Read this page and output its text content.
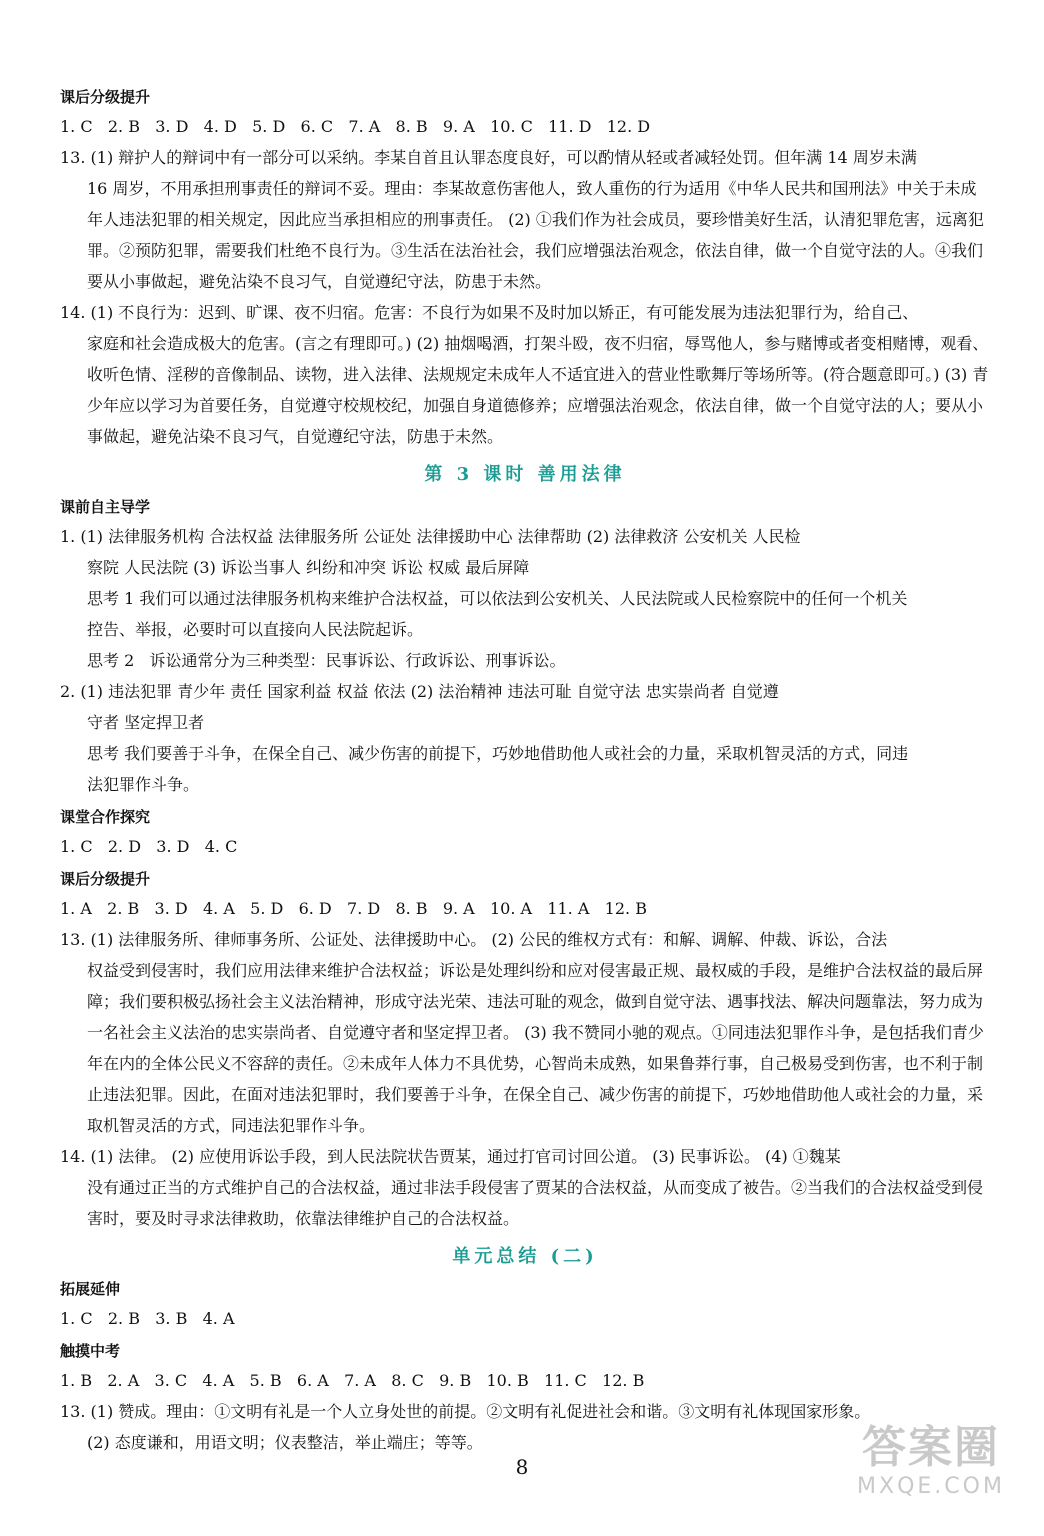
课后分级提升
1. C   2. B   3. D   4. D   5. D   6. C   7. A   8. B   9. A   10. C   11. D   12. D
13. (1) 辩护人的辩词中有一部分可以采纳。李某自首且认罪态度良好，可以酌情从轻或者减轻处罚。但年满 14 周岁未满
16 周岁，不用承担刑事责任的辩词不妥。理由：李某故意伤害他人，致人重伤的行为适用《中华人民共和国刑法》中关于未成年人违法犯罪的相关规定，因此应当承担相应的刑事责任。 (2) ①我们作为社会成员，要珍惜美好生活，认清犯罪危害，远离犯罪。②预防犯罪，需要我们杜绝不良行为。③生活在法治社会，我们应增强法治观念，依法自律，做一个自觉守法的人。④我们要从小事做起，避免沾染不良习气，自觉遵纪守法，防患于未然。
14. (1) 不良行为：迟到、旷课、夜不归宿。危害：不良行为如果不及时加以矫正，有可能发展为违法犯罪行为，给自己、
家庭和社会造成极大的危害。(言之有理即可。) (2) 抽烟喝酒，打架斗殴，夜不归宿，辱骂他人，参与赌博或者变相赌博，观看、收听色情、淫秽的音像制品、读物，进入法律、法规规定未成年人不适宜进入的营业性歌舞厅等场所等。(符合题意即可。) (3) 青少年应以学习为首要任务，自觉遵守校规校纪，加强自身道德修养；应增强法治观念，依法自律，做一个自觉守法的人；要从小事做起，避免沾染不良习气，自觉遵纪守法，防患于未然。
第 3 课时 善用法律
课前自主导学
1. (1) 法律服务机构 合法权益 法律服务所 公证处 法律援助中心 法律帮助 (2) 法律救济 公安机关 人民检
察院 人民法院 (3) 诉讼当事人 纠纷和冲突 诉讼 权威 最后屏障
思考 1 我们可以通过法律服务机构来维护合法权益，可以依法到公安机关、人民法院或人民检察院中的任何一个机关
控告、举报，必要时可以直接向人民法院起诉。
思考 2   诉讼通常分为三种类型：民事诉讼、行政诉讼、刑事诉讼。
2. (1) 违法犯罪 青少年 责任 国家利益 权益 依法 (2) 法治精神 违法可耻 自觉守法 忠实崇尚者 自觉遵
守者 坚定捍卫者
思考 我们要善于斗争，在保全自己、减少伤害的前提下，巧妙地借助他人或社会的力量，采取机智灵活的方式，同违
法犯罪作斗争。
课堂合作探究
1. C   2. D   3. D   4. C
课后分级提升
1. A   2. B   3. D   4. A   5. D   6. D   7. D   8. B   9. A   10. A   11. A   12. B
13. (1) 法律服务所、律师事务所、公证处、法律援助中心。 (2) 公民的维权方式有：和解、调解、仲裁、诉讼，合法
权益受到侵害时，我们应用法律来维护合法权益；诉讼是处理纠纷和应对侵害最正规、最权威的手段，是维护合法权益的最后屏障；我们要积极弘扬社会主义法治精神，形成守法光荣、违法可耻的观念，做到自觉守法、遇事找法、解决问题靠法，努力成为一名社会主义法治的忠实崇尚者、自觉遵守者和坚定捍卫者。 (3) 我不赞同小驰的观点。①同违法犯罪作斗争，是包括我们青少年在内的全体公民义不容辞的责任。②未成年人体力不具优势，心智尚未成熟，如果鲁莽行事，自己极易受到伤害，也不利于制止违法犯罪。因此，在面对违法犯罪时，我们要善于斗争，在保全自己、减少伤害的前提下，巧妙地借助他人或社会的力量，采取机智灵活的方式，同违法犯罪作斗争。
14. (1) 法律。 (2) 应使用诉讼手段，到人民法院状告贾某，通过打官司讨回公道。 (3) 民事诉讼。 (4) ①魏某
没有通过正当的方式维护自己的合法权益，通过非法手段侵害了贾某的合法权益，从而变成了被告。②当我们的合法权益受到侵害时，要及时寻求法律救助，依靠法律维护自己的合法权益。
单元总结 (二)
拓展延伸
1. C   2. B   3. B   4. A
触摸中考
1. B   2. A   3. C   4. A   5. B   6. A   7. A   8. C   9. B   10. B   11. C   12. B
13. (1) 赞成。理由：①文明有礼是一个人立身处世的前提。②文明有礼促进社会和谐。③文明有礼体现国家形象。
(2) 态度谦和，用语文明；仪表整洁，举止端庄；等等。
8	答案圈
MXQE.COM
